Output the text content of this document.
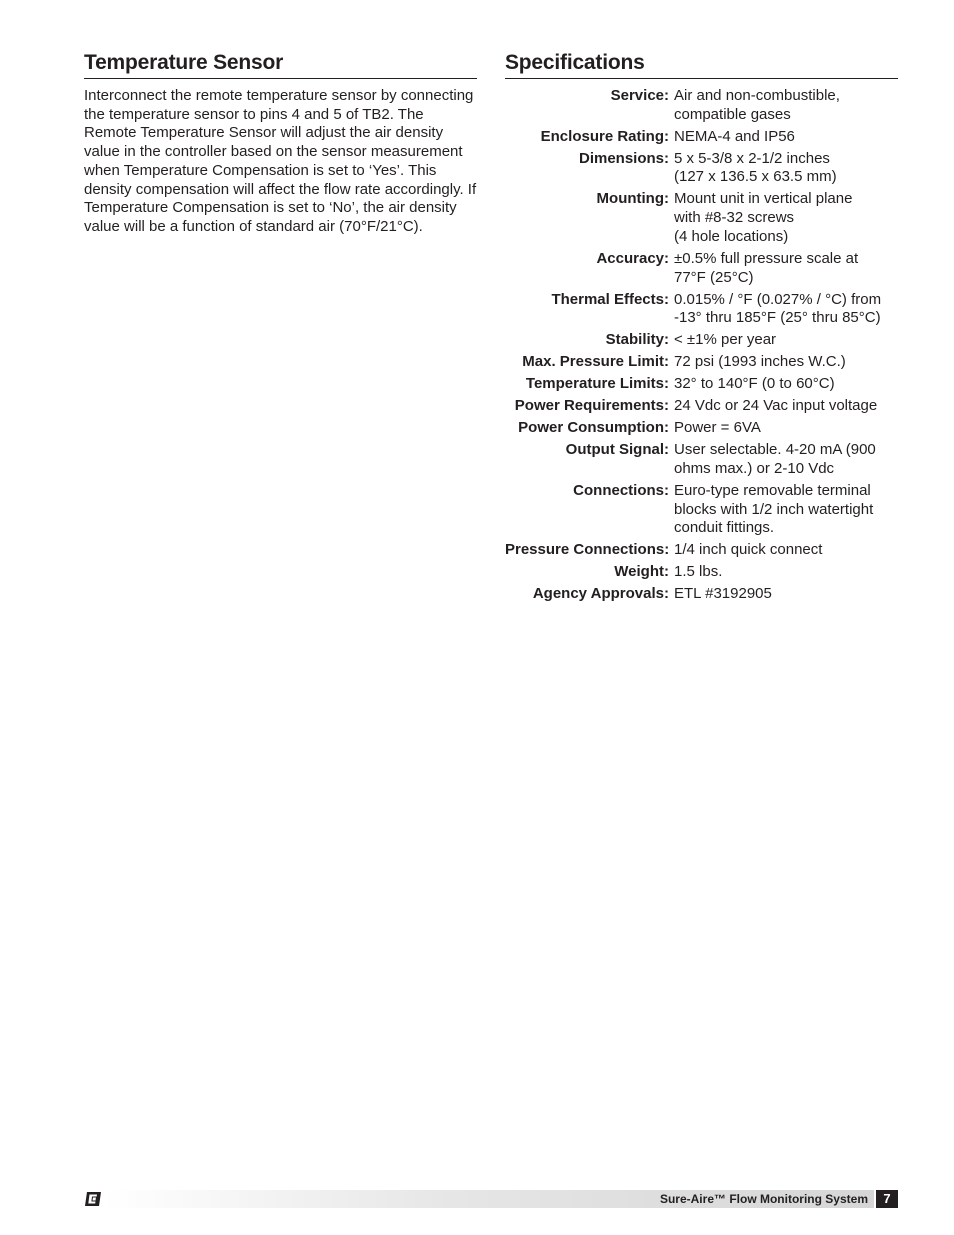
Temperature Sensor

Interconnect the remote temperature sensor by connecting the temperature sensor to pins 4 and 5 of TB2. The Remote Temperature Sensor will adjust the air density value in the controller based on the sensor measurement when Temperature Compensation is set to ‘Yes’. This density compensation will affect the flow rate accordingly. If Temperature Compensation is set to ‘No’, the air density value will be a function of standard air (70°F/21°C).

Specifications
Service: Air and non-combustible,
compatible gases
Enclosure Rating: NEMA-4 and IP56
Dimensions: 5 x 5-3/8 x 2-1/2 inches
(127 x 136.5 x 63.5 mm)
Mounting: Mount unit in vertical plane
with #8-32 screws
(4 hole locations)
Accuracy: ±0.5% full pressure scale at
77°F (25°C)
Thermal Effects: 0.015% / °F (0.027% / °C) from
-13° thru 185°F (25° thru 85°C)
Stability: < ±1% per year
Max. Pressure Limit: 72 psi (1993 inches W.C.)
Temperature Limits: 32° to 140°F (0 to 60°C)
Power Requirements: 24 Vdc or 24 Vac input voltage
Power Consumption: Power = 6VA
Output Signal: User selectable. 4-20 mA (900
ohms max.) or 2-10 Vdc
Connections: Euro-type removable terminal
blocks with 1/2 inch watertight
conduit fittings.
Pressure Connections: 1/4 inch quick connect
Weight: 1.5 lbs.
Agency Approvals: ETL #3192905
Sure-Aire™ Flow Monitoring System	7
